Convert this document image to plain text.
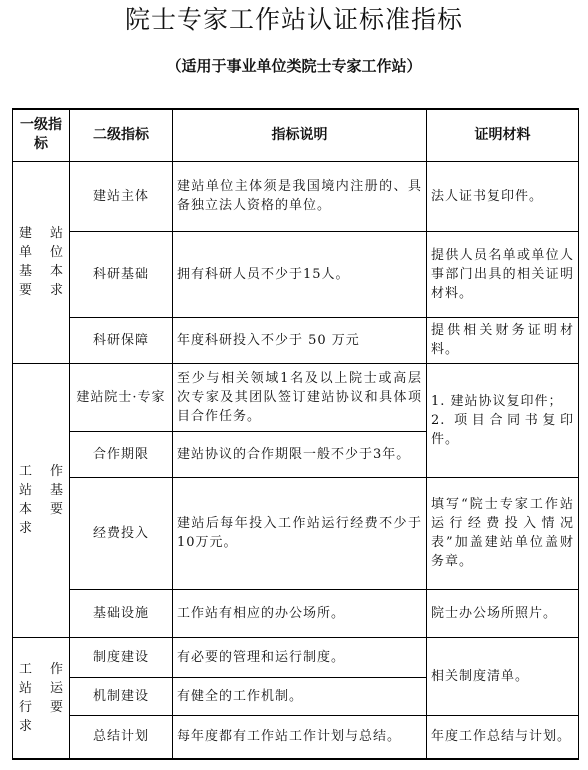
院士专家工作站认证标准指标
（适用于事业单位类院士专家工作站）
一级指标	二级指标	指标说明	证明材料

建　站
单　位
基　本
要求	建站主体	建站单位主体须是我国境内注册的、具备独立法人资格的单位。	法人证书复印件。
	科研基础	拥有科研人员不少于15人。	提供人员名单或单位人事部门出具的相关证明材料。
	科研保障	年度科研投入不少于 50 万元	提供相关财务证明材料。

工　作
站　基
本　要
求	建站院士·专家	至少与相关领域1名及以上院士或高层次专家及其团队签订建站协议和具体项目合作任务。	1. 建站协议复印件；
2. 项目合同书复印件。

	合作期限	建站协议的合作期限一般不少于3年。	
	经费投入	建站后每年投入工作站运行经费不少于10万元。	填写“院士专家工作站运行经费投入情况表”加盖建站单位盖财务章。
	基础设施	工作站有相应的办公场所。	院士办公场所照片。

工　作
站　运
行　要
求	制度建设	有必要的管理和运行制度。	相关制度清单。
	机制建设	有健全的工作机制。	
	总结计划	每年度都有工作站工作计划与总结。	年度工作总结与计划。
